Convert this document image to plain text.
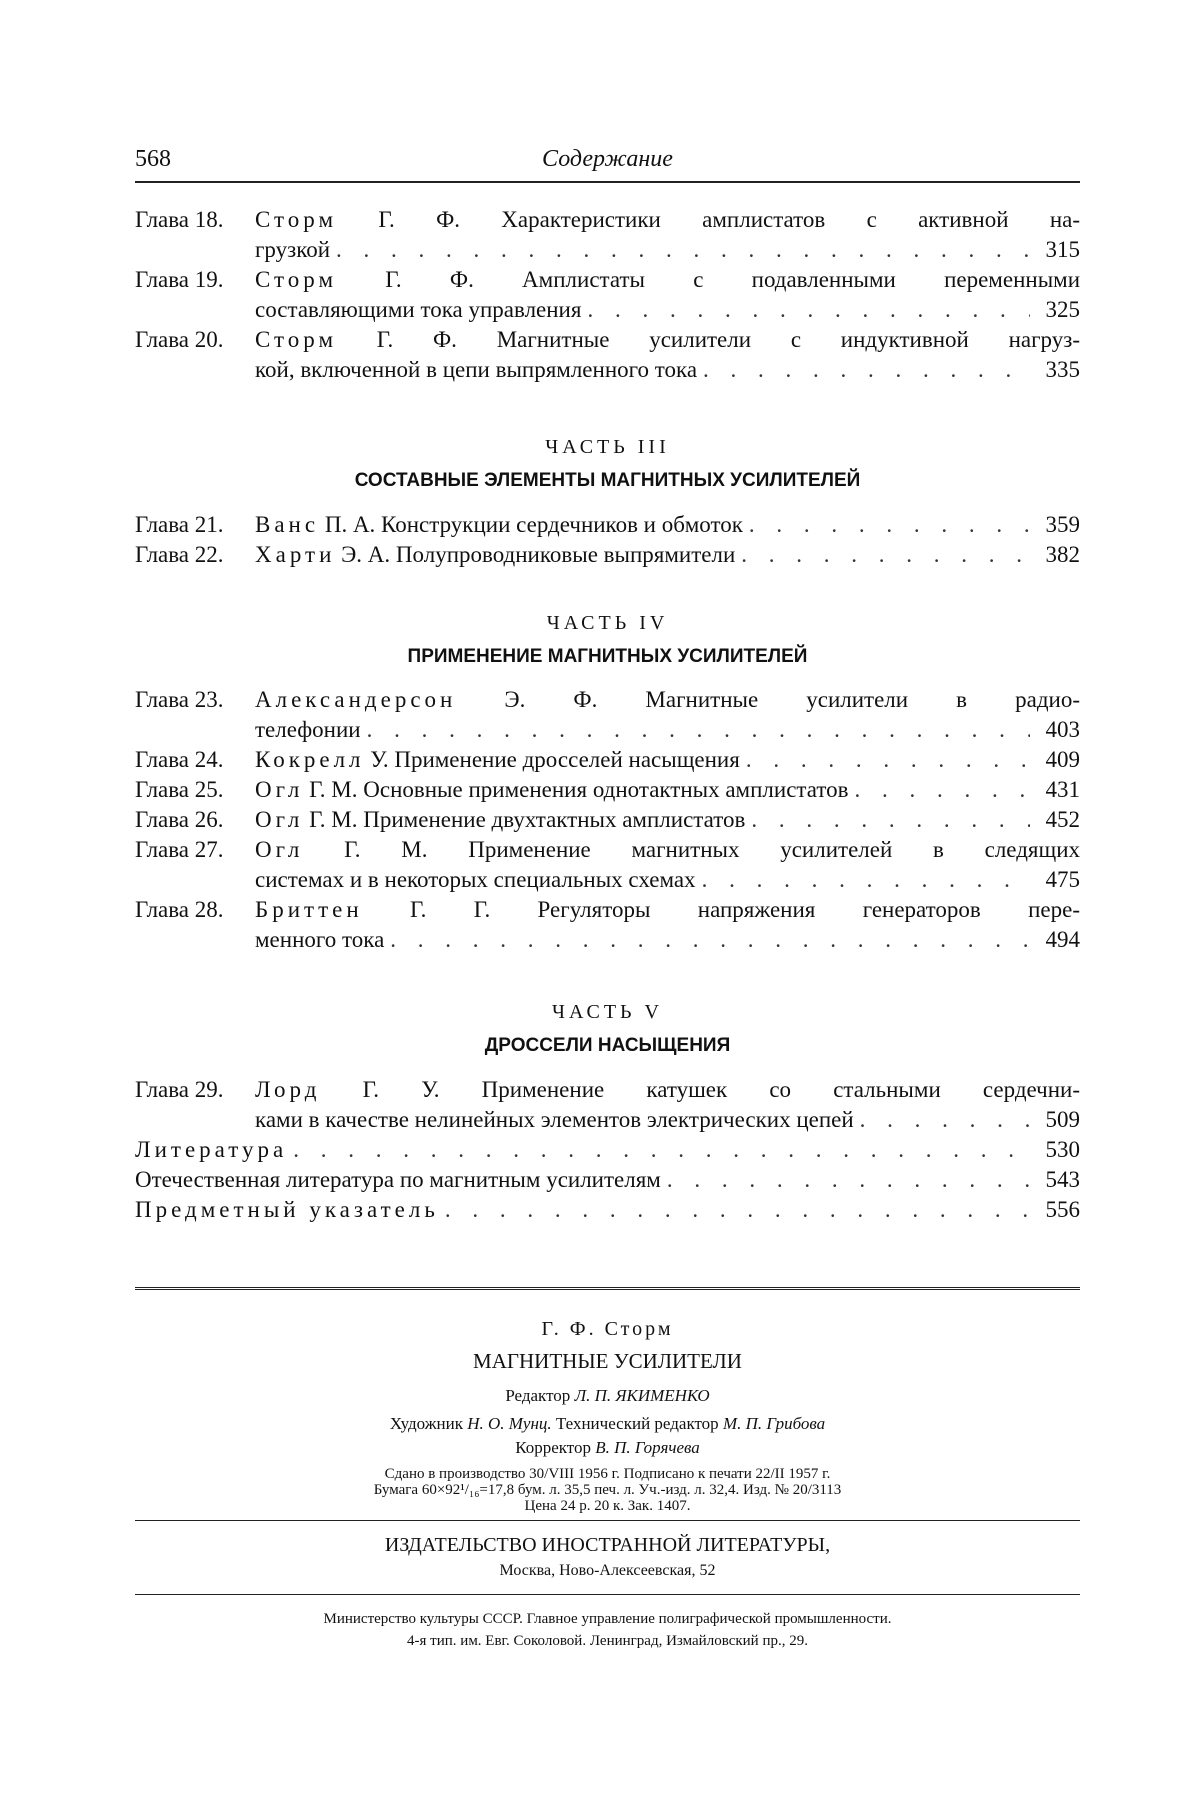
568	Содержание
Глава 18.	Сторм Г. Ф. Характеристики амплистатов с активной на-
грузкой . . .	315
Глава 19.	Сторм Г. Ф. Амплистаты с подавленными переменными
составляющими тока управления . . .	325
Глава 20.	Сторм Г. Ф. Магнитные усилители с индуктивной нагруз-
кой, включенной в цепи выпрямленного тока . . .	335

ЧАСТЬ III

СОСТАВНЫЕ ЭЛЕМЕНТЫ МАГНИТНЫХ УСИЛИТЕЛЕЙ

Глава 21.	Ванс П. А. Конструкции сердечников и обмоток . . .	359
Глава 22.	Харти Э. А. Полупроводниковые выпрямители . . .	382

ЧАСТЬ IV

ПРИМЕНЕНИЕ МАГНИТНЫХ УСИЛИТЕЛЕЙ

Глава 23.	Александерсон Э. Ф. Магнитные усилители в радио-
телефонии . . .	403
Глава 24.	Кокрелл У. Применение дросселей насыщения . . .	409
Глава 25.	Огл Г. М. Основные применения однотактных амплистатов . . .	431
Глава 26.	Огл Г. М. Применение двухтактных амплистатов . . .	452
Глава 27.	Огл Г. М. Применение магнитных усилителей в следящих
системах и в некоторых специальных схемах . . .	475
Глава 28.	Бриттен Г. Г. Регуляторы напряжения генераторов пере-
менного тока . . .	494

ЧАСТЬ V

ДРОССЕЛИ НАСЫЩЕНИЯ

Глава 29.	Лорд Г. У. Применение катушек со стальными сердечни-
ками в качестве нелинейных элементов электрических цепей . . .	509
Литература . . .	530
Отечественная литература по магнитным усилителям . . .	543
Предметный указатель . . .	556
Г. Ф. Сторм
МАГНИТНЫЕ УСИЛИТЕЛИ
Редактор Л. П. ЯКИМЕНКО
Художник Н. О. Мунц. Технический редактор М. П. Грибова
Корректор В. П. Горячева
Сдано в производство 30/VIII 1956 г. Подписано к печати 22/II 1957 г.
Бумага 60×92¹/₁₆=17,8 бум. л. 35,5 печ. л. Уч.-изд. л. 32,4. Изд. № 20/3113
Цена 24 р. 20 к. Зак. 1407.
ИЗДАТЕЛЬСТВО ИНОСТРАННОЙ ЛИТЕРАТУРЫ,
Москва, Ново-Алексеевская, 52
Министерство культуры СССР. Главное управление полиграфической промышленности.
4-я тип. им. Евг. Соколовой. Ленинград, Измайловский пр., 29.
